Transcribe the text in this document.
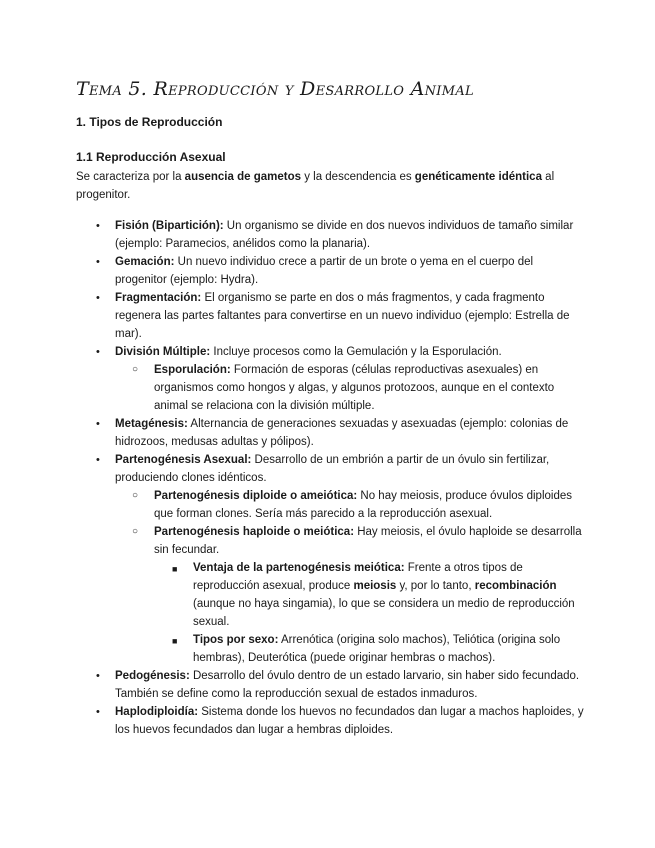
Tema 5. Reproducción y Desarrollo Animal
1. Tipos de Reproducción
1.1 Reproducción Asexual
Se caracteriza por la ausencia de gametos y la descendencia es genéticamente idéntica al progenitor.
• Fisión (Bipartición): Un organismo se divide en dos nuevos individuos de tamaño similar (ejemplo: Paramecios, anélidos como la planaria).
• Gemación: Un nuevo individuo crece a partir de un brote o yema en el cuerpo del progenitor (ejemplo: Hydra).
• Fragmentación: El organismo se parte en dos o más fragmentos, y cada fragmento regenera las partes faltantes para convertirse en un nuevo individuo (ejemplo: Estrella de mar).
• División Múltiple: Incluye procesos como la Gemulación y la Esporulación.
○ Esporulación: Formación de esporas (células reproductivas asexuales) en organismos como hongos y algas, y algunos protozoos, aunque en el contexto animal se relaciona con la división múltiple.
• Metagénesis: Alternancia de generaciones sexuadas y asexuadas (ejemplo: colonias de hidrozoos, medusas adultas y pólipos).
• Partenogénesis Asexual: Desarrollo de un embrión a partir de un óvulo sin fertilizar, produciendo clones idénticos.
○ Partenogénesis diploide o ameiótica: No hay meiosis, produce óvulos diploides que forman clones. Sería más parecido a la reproducción asexual.
○ Partenogénesis haploide o meiótica: Hay meiosis, el óvulo haploide se desarrolla sin fecundar.
■ Ventaja de la partenogénesis meiótica: Frente a otros tipos de reproducción asexual, produce meiosis y, por lo tanto, recombinación (aunque no haya singamia), lo que se considera un medio de reproducción sexual.
■ Tipos por sexo: Arrenótica (origina solo machos), Teliótica (origina solo hembras), Deuterótica (puede originar hembras o machos).
• Pedogénesis: Desarrollo del óvulo dentro de un estado larvario, sin haber sido fecundado. También se define como la reproducción sexual de estados inmaduros.
• Haplodiploidía: Sistema donde los huevos no fecundados dan lugar a machos haploides, y los huevos fecundados dan lugar a hembras diploides.
